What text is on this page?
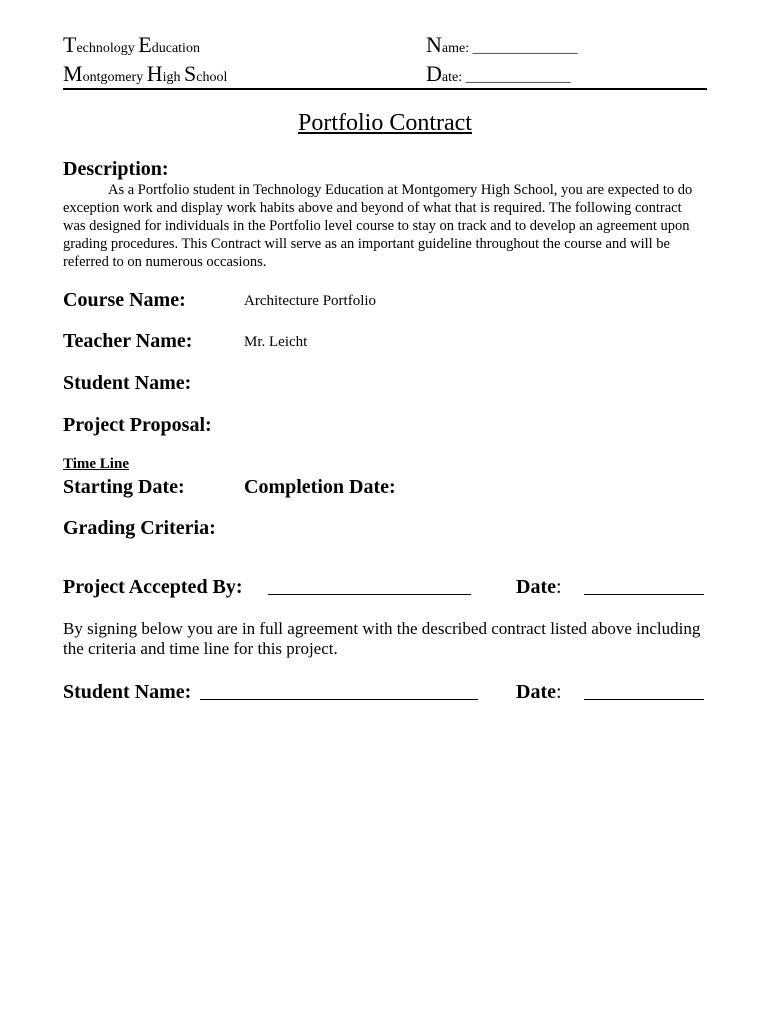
Technology Education
Montgomery High School
Name: _______________
Date: _______________
Portfolio Contract
Description:
As a Portfolio student in Technology Education at Montgomery High School, you are expected to do exception work and display work habits above and beyond of what that is required. The following contract was designed for individuals in the Portfolio level course to stay on track and to develop an agreement upon grading procedures. This Contract will serve as an important guideline throughout the course and will be referred to on numerous occasions.
Course Name:	Architecture Portfolio
Teacher Name:	Mr. Leicht
Student Name:
Project Proposal:
Time Line
Starting Date:	Completion Date:
Grading Criteria:
Project Accepted By:	Date:
By signing below you are in full agreement with the described contract listed above including the criteria and time line for this project.
Student Name:	Date:
